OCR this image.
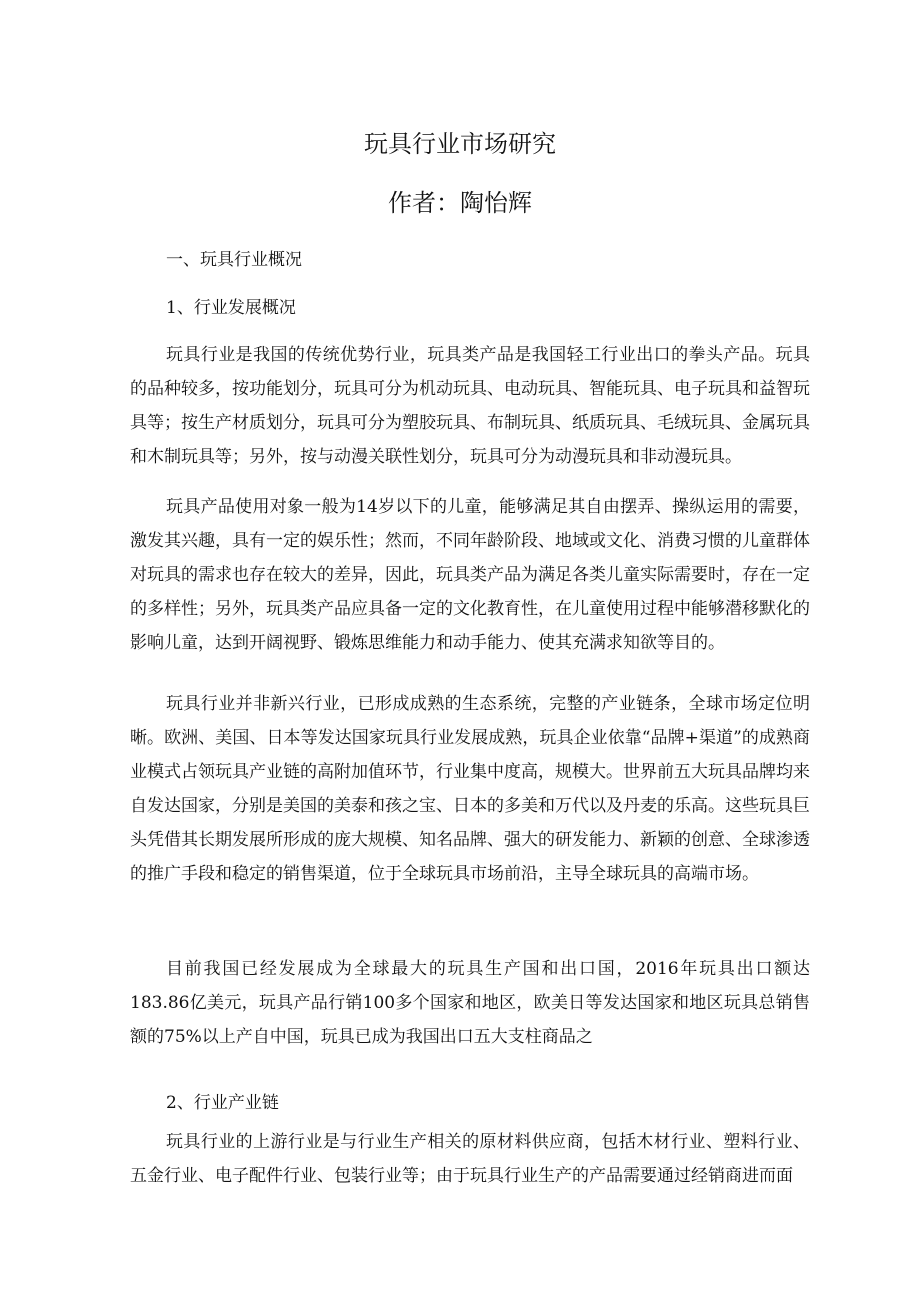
玩具行业市场研究
作者：陶怡辉
一、玩具行业概况
1、行业发展概况

玩具行业是我国的传统优势行业，玩具类产品是我国轻工行业出口的拳头产品。玩具的品种较多，按功能划分，玩具可分为机动玩具、电动玩具、智能玩具、电子玩具和益智玩具等；按生产材质划分，玩具可分为塑胶玩具、布制玩具、纸质玩具、毛绒玩具、金属玩具和木制玩具等；另外，按与动漫关联性划分，玩具可分为动漫玩具和非动漫玩具。

玩具产品使用对象一般为14岁以下的儿童，能够满足其自由摆弄、操纵运用的需要，激发其兴趣，具有一定的娱乐性；然而，不同年龄阶段、地域或文化、消费习惯的儿童群体对玩具的需求也存在较大的差异，因此，玩具类产品为满足各类儿童实际需要时，存在一定的多样性；另外，玩具类产品应具备一定的文化教育性，在儿童使用过程中能够潜移默化的影响儿童，达到开阔视野、锻炼思维能力和动手能力、使其充满求知欲等目的。

玩具行业并非新兴行业，已形成成熟的生态系统，完整的产业链条，全球市场定位明晰。欧洲、美国、日本等发达国家玩具行业发展成熟，玩具企业依靠“品牌+渠道”的成熟商业模式占领玩具产业链的高附加值环节，行业集中度高，规模大。世界前五大玩具品牌均来自发达国家，分别是美国的美泰和孩之宝、日本的多美和万代以及丹麦的乐高。这些玩具巨头凭借其长期发展所形成的庞大规模、知名品牌、强大的研发能力、新颖的创意、全球渗透的推广手段和稳定的销售渠道，位于全球玩具市场前沿，主导全球玩具的高端市场。

目前我国已经发展成为全球最大的玩具生产国和出口国，2016年玩具出口额达183.86亿美元，玩具产品行销100多个国家和地区，欧美日等发达国家和地区玩具总销售额的75%以上产自中国，玩具已成为我国出口五大支柱商品之

2、行业产业链

玩具行业的上游行业是与行业生产相关的原材料供应商，包括木材行业、塑料行业、五金行业、电子配件行业、包装行业等；由于玩具行业生产的产品需要通过经销商进而面
